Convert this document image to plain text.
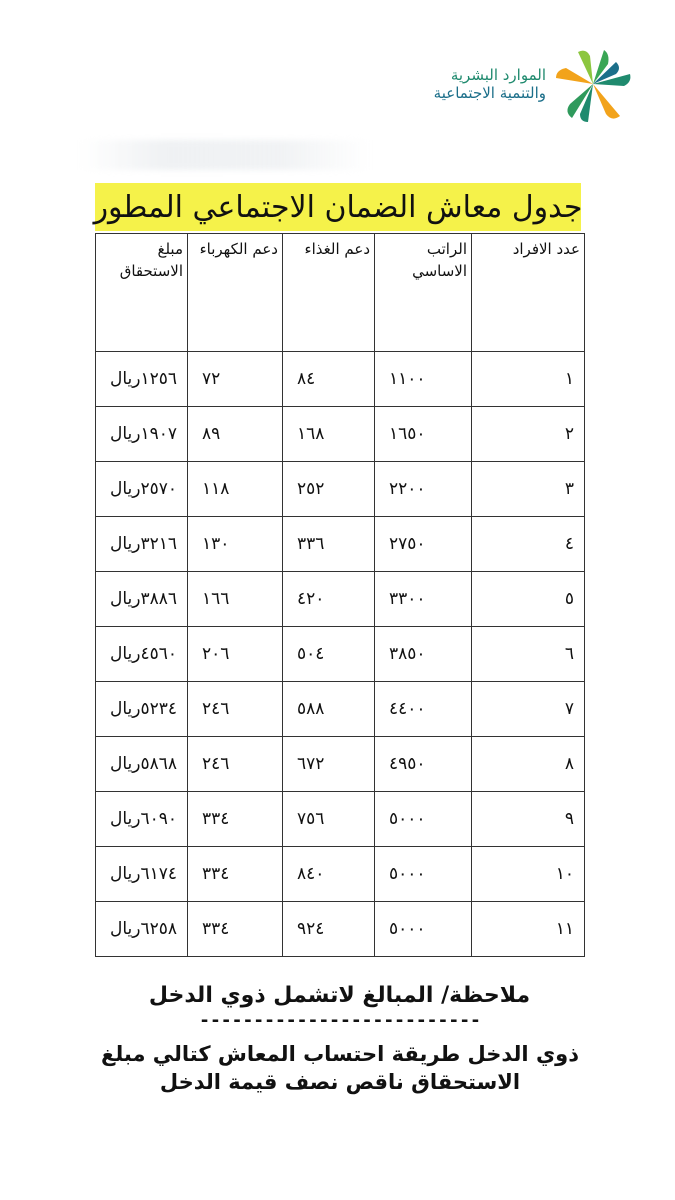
الموارد البشرية
والتنمية الاجتماعية
جدول معاش الضمان الاجتماعي المطور
عدد الافراد	الراتب الاساسي	دعم الغذاء	دعم الكهرباء	مبلغ الاستحقاق
١	١١٠٠	٨٤	٧٢	١٢٥٦ريال
٢	١٦٥٠	١٦٨	٨٩	١٩٠٧ريال
٣	٢٢٠٠	٢٥٢	١١٨	٢٥٧٠ريال
٤	٢٧٥٠	٣٣٦	١٣٠	٣٢١٦ريال
٥	٣٣٠٠	٤٢٠	١٦٦	٣٨٨٦ريال
٦	٣٨٥٠	٥٠٤	٢٠٦	٤٥٦٠ريال
٧	٤٤٠٠	٥٨٨	٢٤٦	٥٢٣٤ريال
٨	٤٩٥٠	٦٧٢	٢٤٦	٥٨٦٨ريال
٩	٥٠٠٠	٧٥٦	٣٣٤	٦٠٩٠ريال
١٠	٥٠٠٠	٨٤٠	٣٣٤	٦١٧٤ريال
١١	٥٠٠٠	٩٢٤	٣٣٤	٦٢٥٨ريال
ملاحظة/ المبالغ لاتشمل ذوي الدخل
--------------------------
ذوي الدخل طريقة احتساب المعاش كتالي مبلغ
الاستحقاق ناقص نصف قيمة الدخل
